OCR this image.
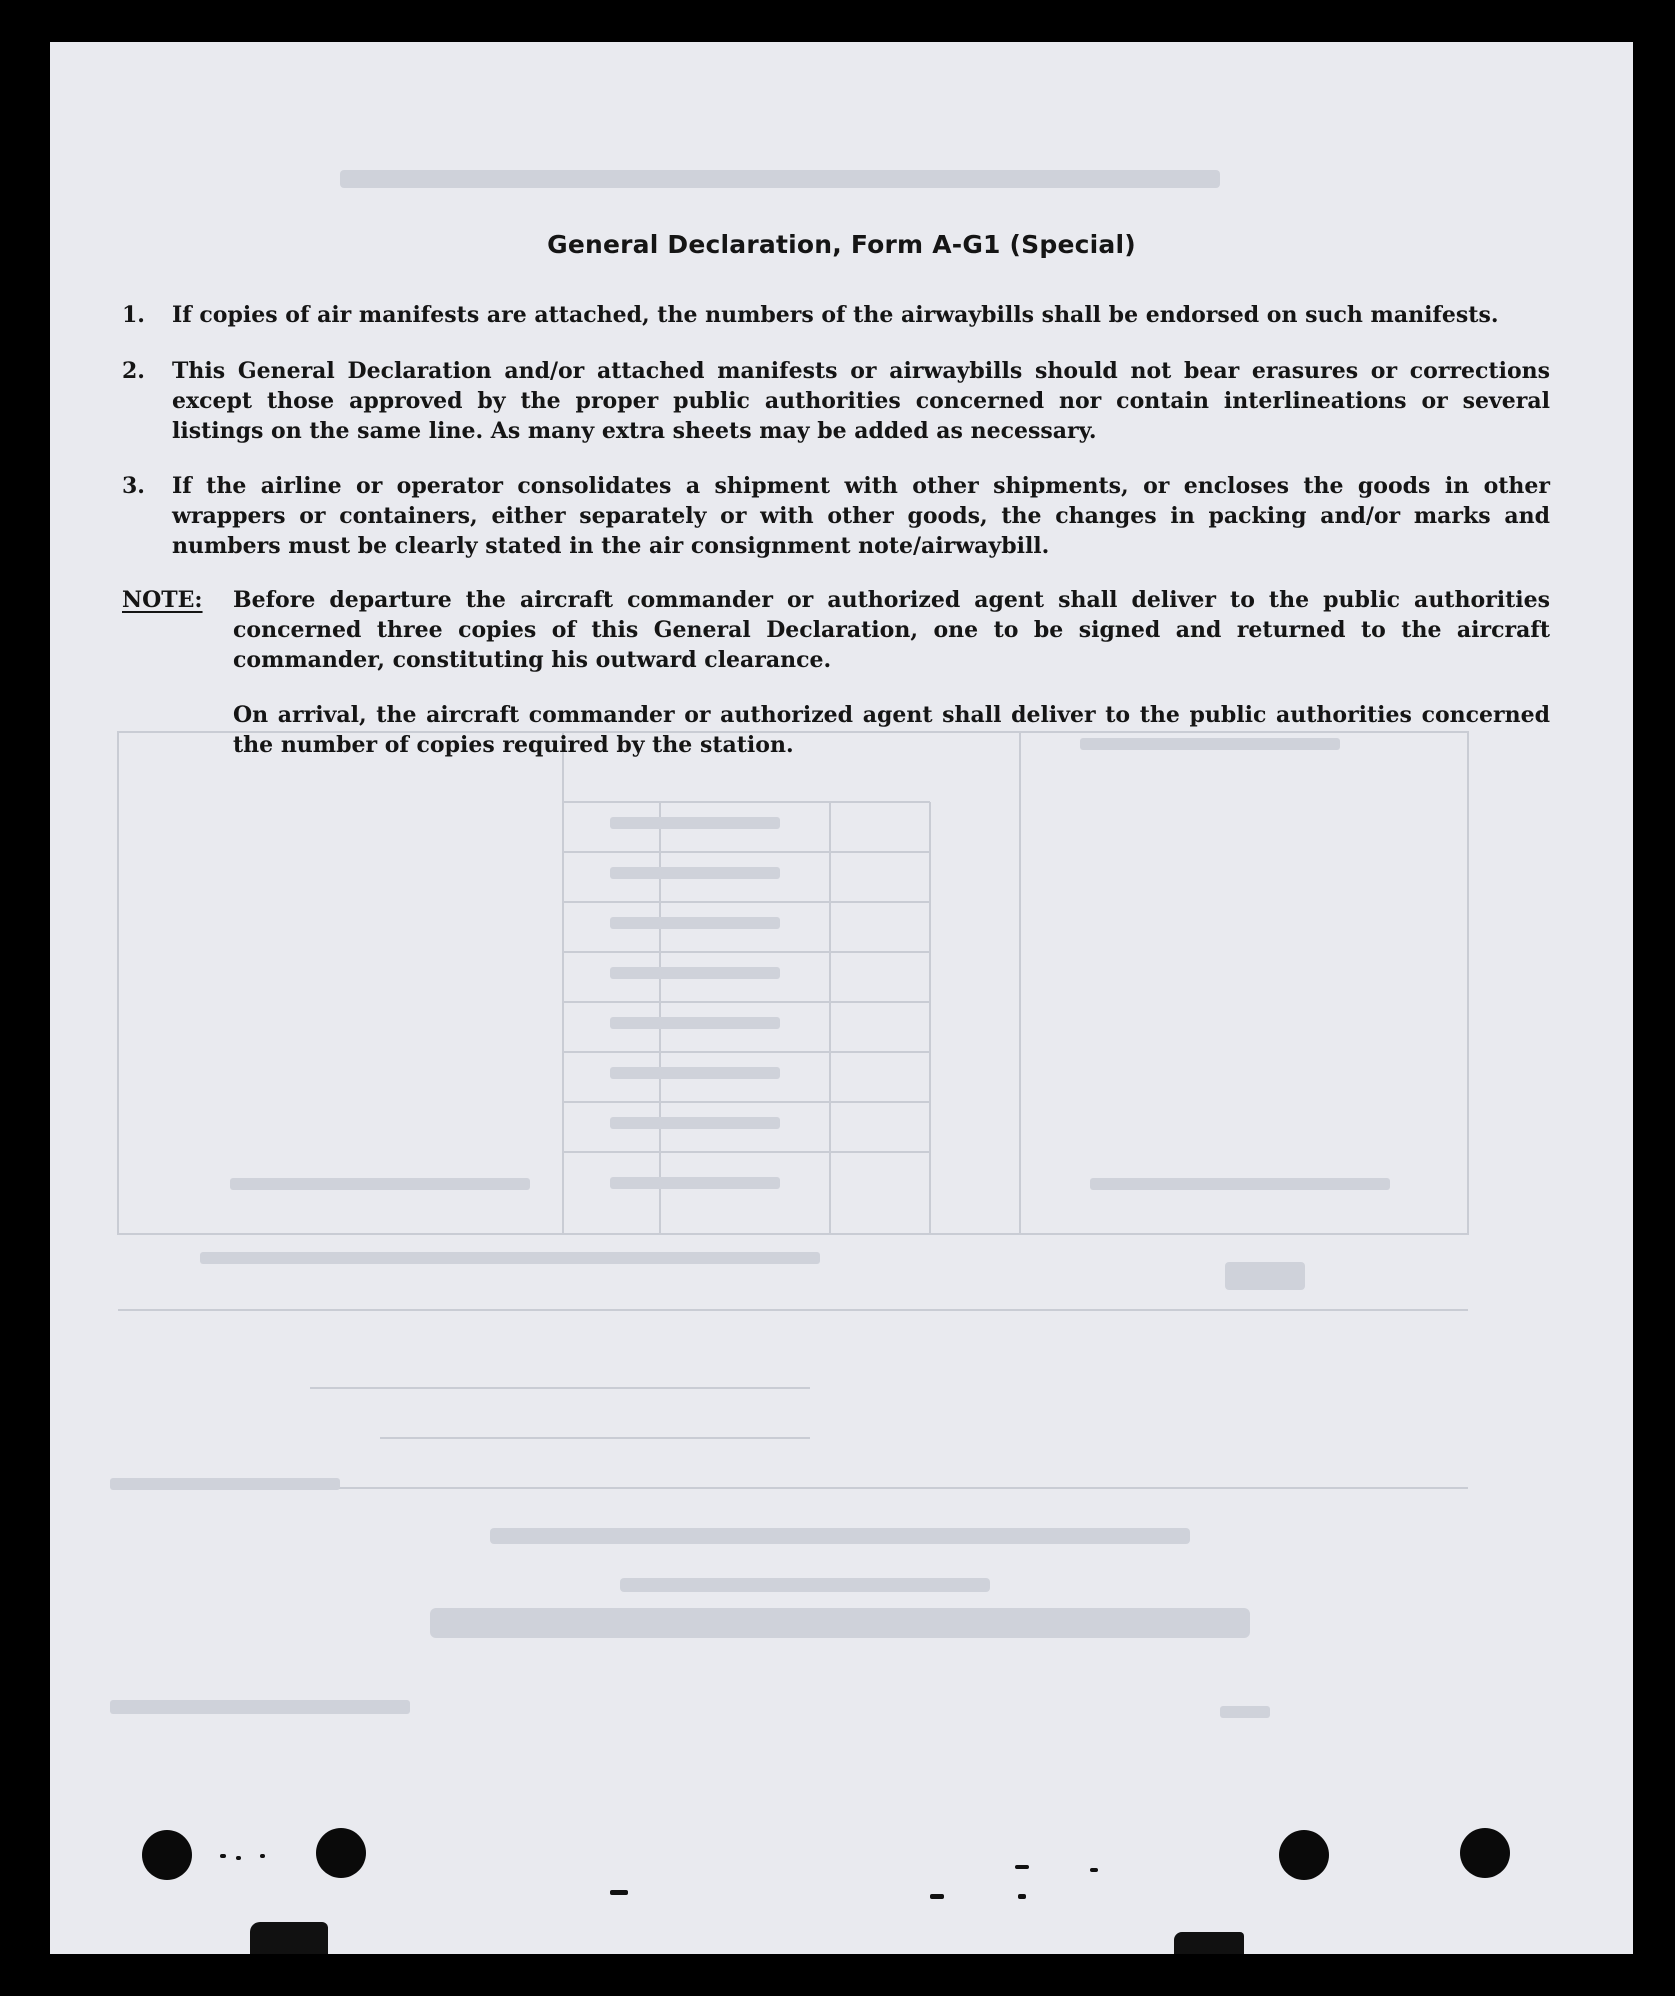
General Declaration, Form A-G1 (Special)
1.	If copies of air manifests are attached, the numbers of the airwaybills shall be endorsed on such manifests.
2.	This General Declaration and/or attached manifests or airwaybills should not bear erasures or corrections except those approved by the proper public authorities concerned nor contain interlineations or several listings on the same line. As many extra sheets may be added as necessary.
3.	If the airline or operator consolidates a shipment with other shipments, or encloses the goods in other wrappers or containers, either separately or with other goods, the changes in packing and/or marks and numbers must be clearly stated in the air consignment note/airwaybill.
NOTE: Before departure the aircraft commander or authorized agent shall deliver to the public authorities concerned three copies of this General Declaration, one to be signed and returned to the aircraft commander, constituting his outward clearance.
On arrival, the aircraft commander or authorized agent shall deliver to the public authorities concerned the number of copies required by the station.
